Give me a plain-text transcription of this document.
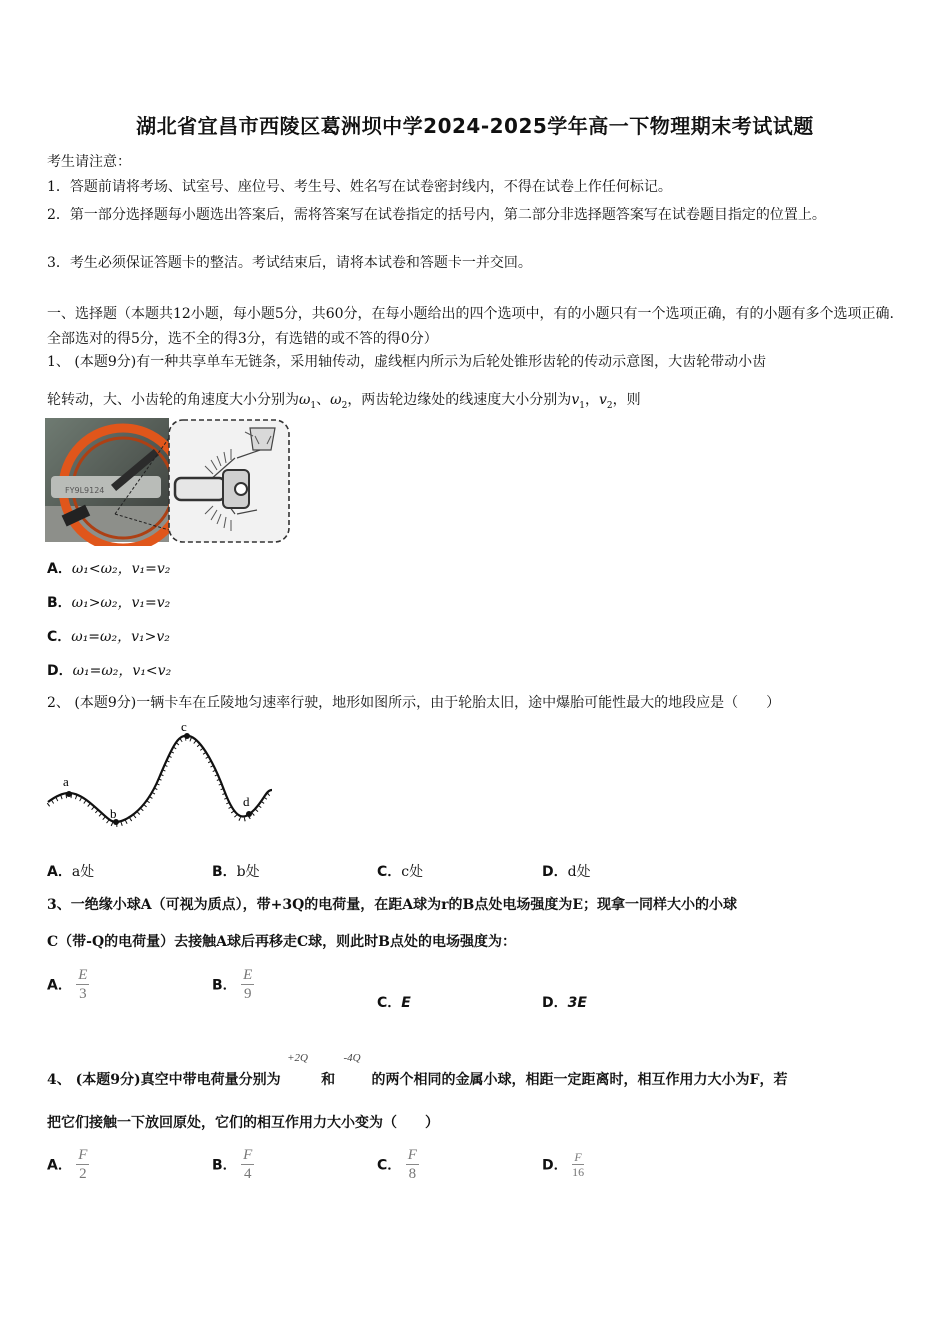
湖北省宜昌市西陵区葛洲坝中学2024-2025学年高一下物理期末考试试题
考生请注意：
1．答题前请将考场、试室号、座位号、考生号、姓名写在试卷密封线内，不得在试卷上作任何标记。
2．第一部分选择题每小题选出答案后，需将答案写在试卷指定的括号内，第二部分非选择题答案写在试卷题目指定的位置上。
3．考生必须保证答题卡的整洁。考试结束后，请将本试卷和答题卡一并交回。
一、选择题（本题共12小题，每小题5分，共60分，在每小题给出的四个选项中，有的小题只有一个选项正确，有的小题有多个选项正确.全部选对的得5分，选不全的得3分，有选错的或不答的得0分）
1、 (本题9分)有一种共享单车无链条，采用轴传动，虚线框内所示为后轮处锥形齿轮的传动示意图，大齿轮带动小齿
轮转动，大、小齿轮的角速度大小分别为$\omega_1$、$\omega_2$，两齿轮边缘处的线速度大小分别为$v_1$，$v_2$，则
FY9L9124
A．ω₁<ω₂，v₁=v₂
B．ω₁>ω₂，v₁=v₂
C．ω₁=ω₂，v₁>v₂
D．ω₁=ω₂，v₁<v₂
2、 (本题9分)一辆卡车在丘陵地匀速率行驶，地形如图所示，由于轮胎太旧，途中爆胎可能性最大的地段应是（　　）
a
b
c
d
A．a处	B．b处	C．c处	D．d处
3、一绝缘小球A（可视为质点），带+3Q的电荷量，在距A球为r的B点处电场强度为E；现拿一同样大小的小球
C（带-Q的电荷量）去接触A球后再移走C球，则此时B点处的电场强度为：
A． $\frac{E}{3}$	B． $\frac{E}{9}$	C．E	D．3E
4、 (本题9分)真空中带电荷量分别为
+2Q
和
-4Q
的两个相同的金属小球，相距一定距离时，相互作用力大小为F，若
把它们接触一下放回原处，它们的相互作用力大小变为（　　）
A． $\frac{F}{2}$	B． $\frac{F}{4}$	C． $\frac{F}{8}$	D． $\frac{F}{16}$
